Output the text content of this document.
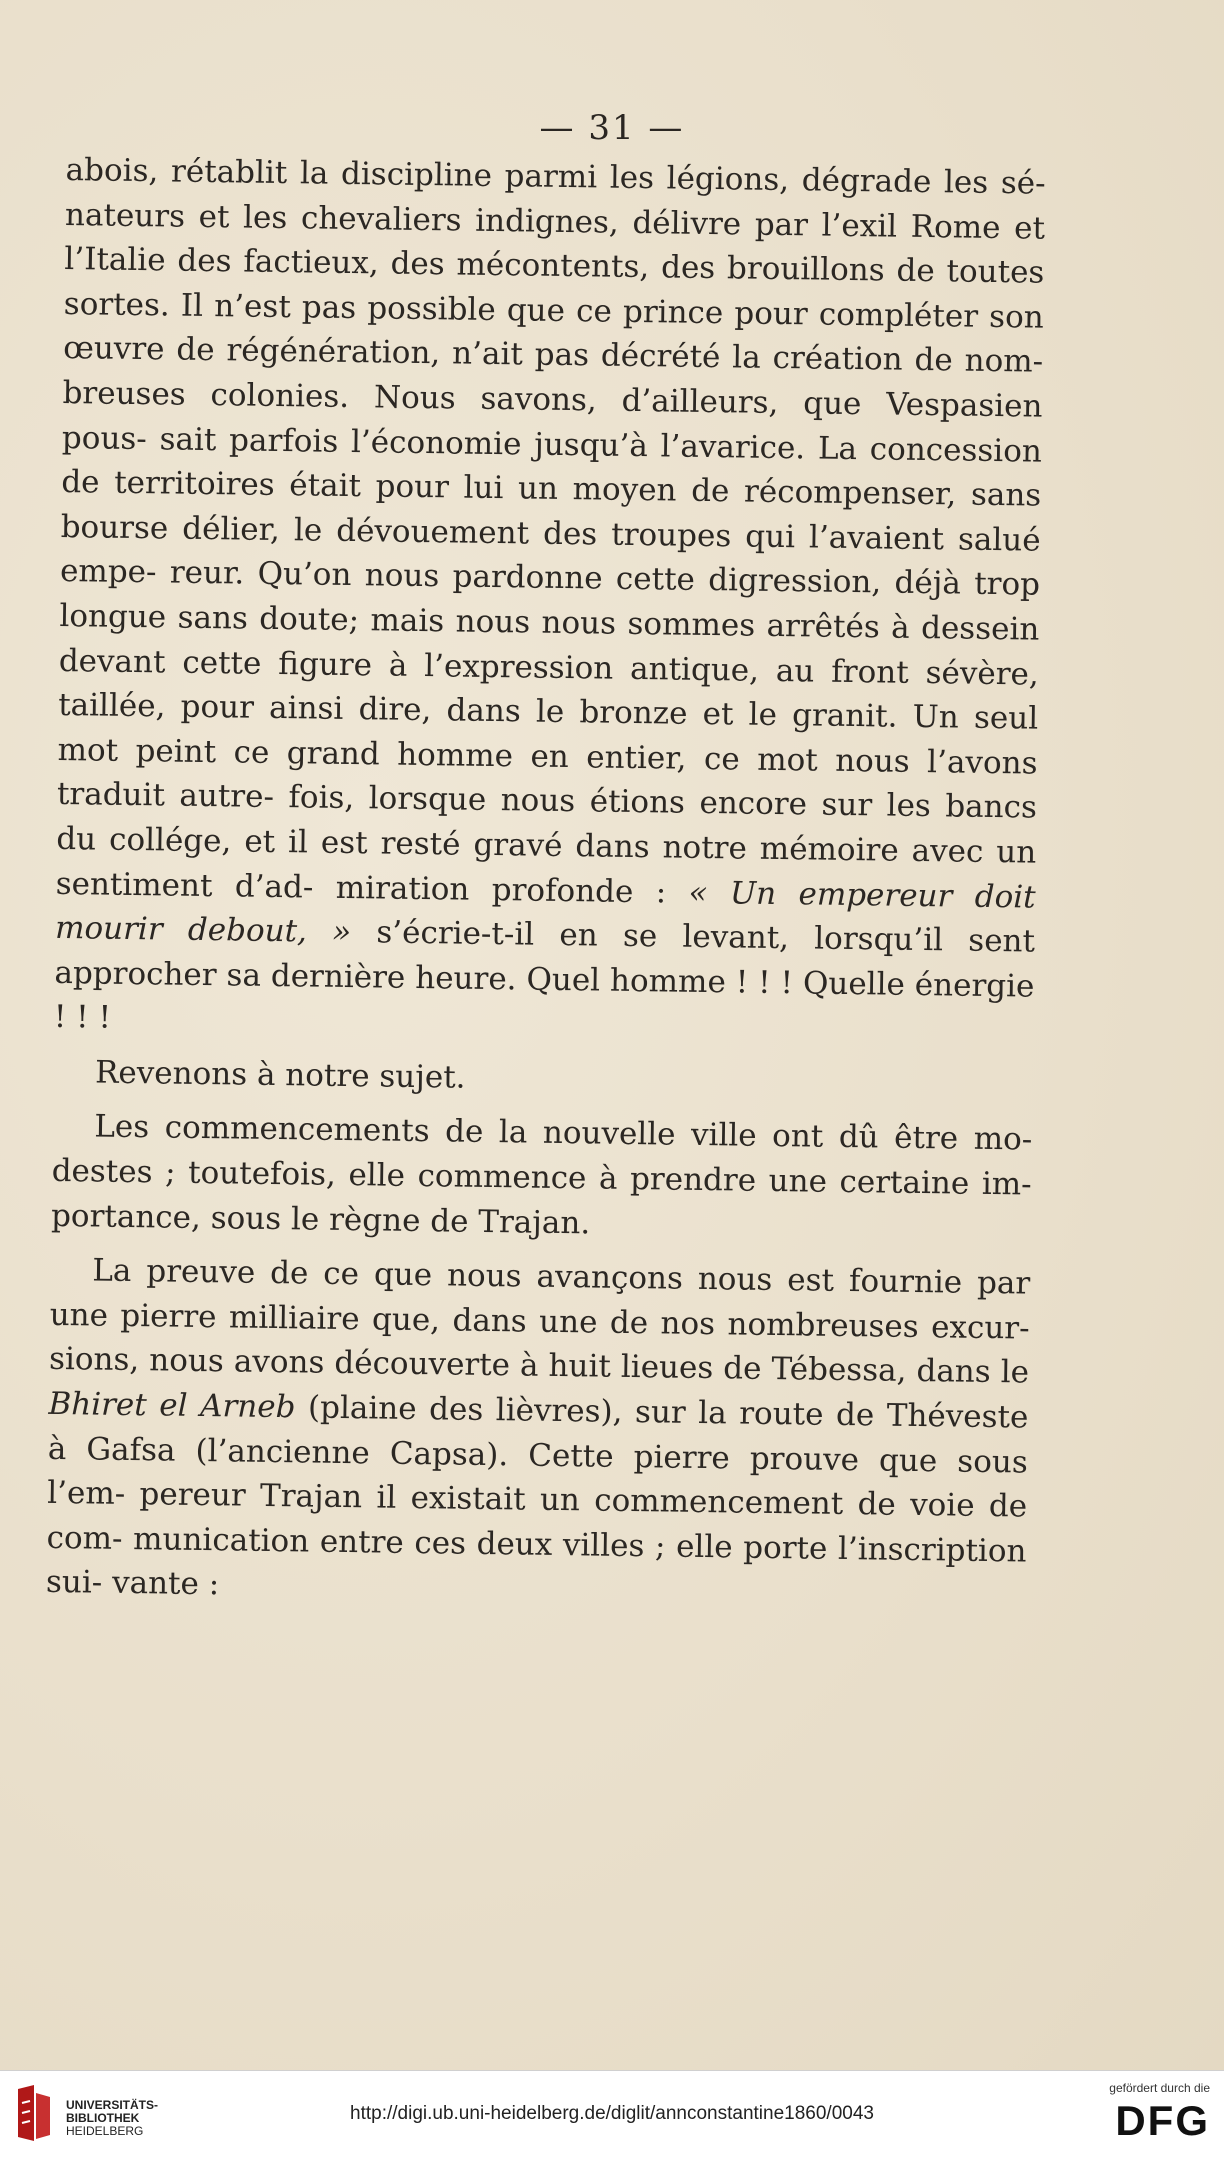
— 31 —

abois, rétablit la discipline parmi les légions, dégrade les sé- nateurs et les chevaliers indignes, délivre par l’exil Rome et l’Italie des factieux, des mécontents, des brouillons de toutes sortes. Il n’est pas possible que ce prince pour compléter son œuvre de régénération, n’ait pas décrété la création de nom- breuses colonies. Nous savons, d’ailleurs, que Vespasien pous- sait parfois l’économie jusqu’à l’avarice. La concession de territoires était pour lui un moyen de récompenser, sans bourse délier, le dévouement des troupes qui l’avaient salué empe- reur. Qu’on nous pardonne cette digression, déjà trop longue sans doute; mais nous nous sommes arrêtés à dessein devant cette figure à l’expression antique, au front sévère, taillée, pour ainsi dire, dans le bronze et le granit. Un seul mot peint ce grand homme en entier, ce mot nous l’avons traduit autre- fois, lorsque nous étions encore sur les bancs du collége, et il est resté gravé dans notre mémoire avec un sentiment d’ad- miration profonde : « Un empereur doit mourir debout, » s’écrie-t-il en se levant, lorsqu’il sent approcher sa dernière heure. Quel homme ! ! ! Quelle énergie ! ! !

Revenons à notre sujet.

Les commencements de la nouvelle ville ont dû être mo- destes ; toutefois, elle commence à prendre une certaine im- portance, sous le règne de Trajan.

La preuve de ce que nous avançons nous est fournie par une pierre milliaire que, dans une de nos nombreuses excur- sions, nous avons découverte à huit lieues de Tébessa, dans le Bhiret el Arneb (plaine des lièvres), sur la route de Théveste à Gafsa (l’ancienne Capsa). Cette pierre prouve que sous l’em- pereur Trajan il existait un commencement de voie de com- munication entre ces deux villes ; elle porte l’inscription sui- vante :

UNIVERSITÄTS-
BIBLIOTHEK
HEIDELBERG
http://digi.ub.uni-heidelberg.de/diglit/annconstantine1860/0043
gefördert durch die
DFG
